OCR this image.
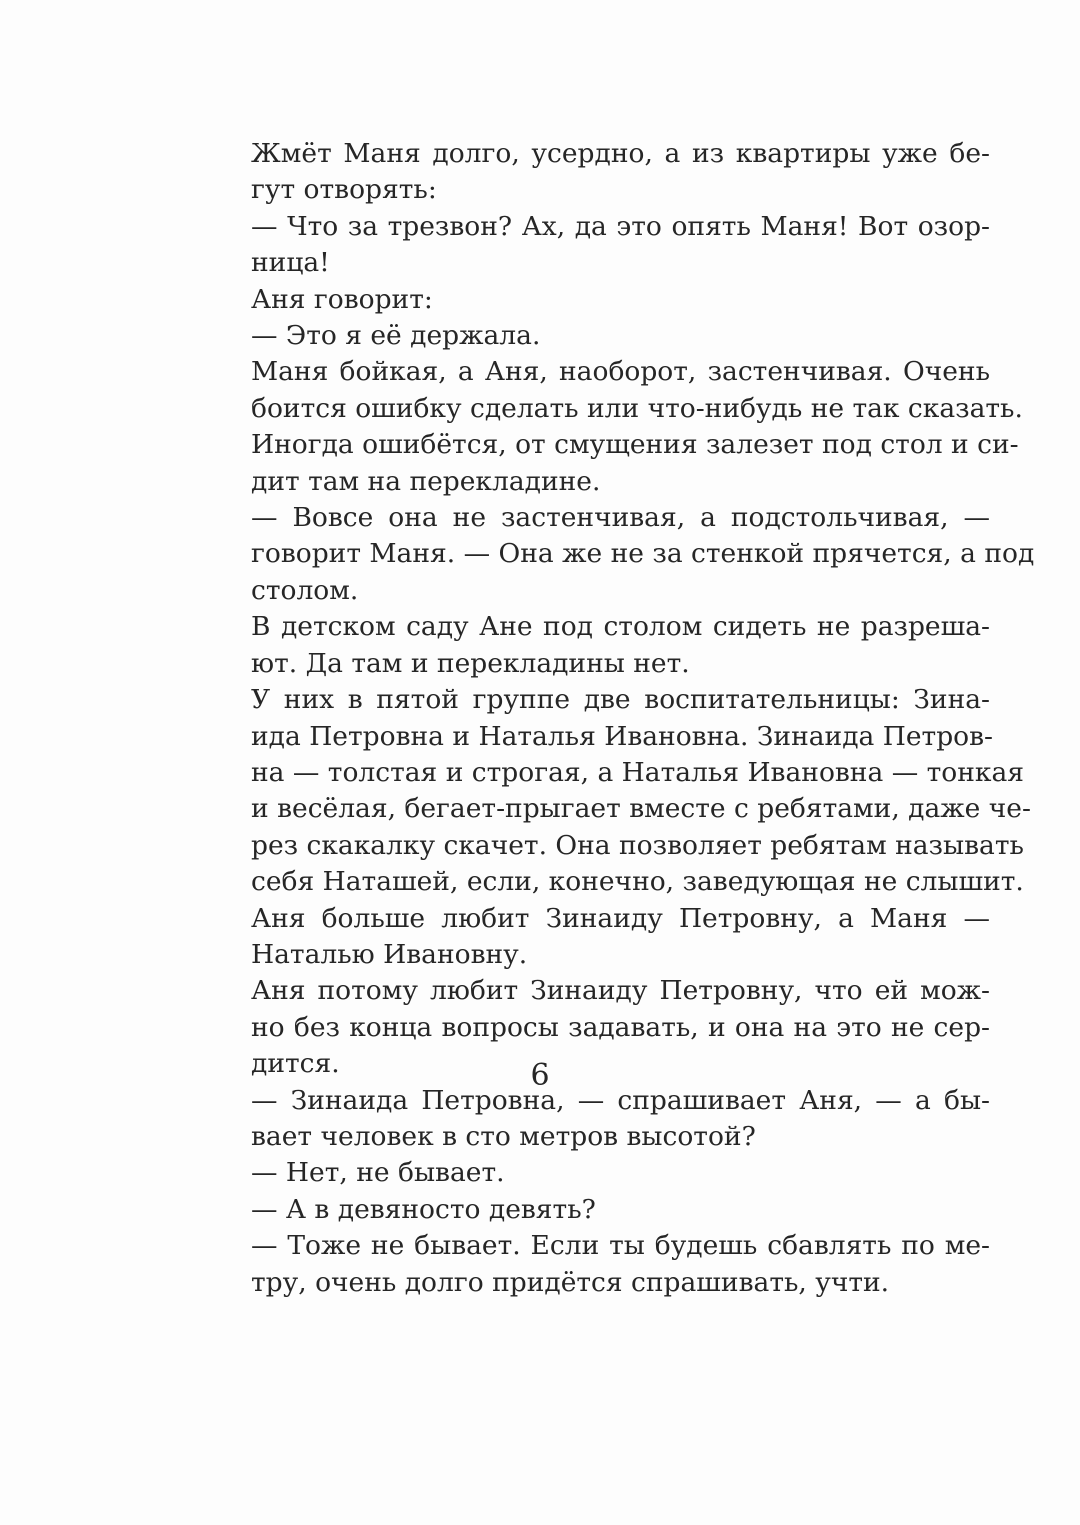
Жмёт Маня долго, усердно, а из квартиры уже бе-
гут отворять:

— Что за трезвон? Ах, да это опять Маня! Вот озор-
ница!

Аня говорит:

— Это я её держала.

Маня бойкая, а Аня, наоборот, застенчивая. Очень
боится ошибку сделать или что-нибудь не так сказать.
Иногда ошибётся, от смущения залезет под стол и си-
дит там на перекладине.

— Вовсе она не застенчивая, а подстольчивая, —
говорит Маня. — Она же не за стенкой прячется, а под
столом.

В детском саду Ане под столом сидеть не разреша-
ют. Да там и перекладины нет.

У них в пятой группе две воспитательницы: Зина-
ида Петровна и Наталья Ивановна. Зинаида Петров-
на — толстая и строгая, а Наталья Ивановна — тонкая
и весёлая, бегает-прыгает вместе с ребятами, даже че-
рез скакалку скачет. Она позволяет ребятам называть
себя Наташей, если, конечно, заведующая не слышит.

Аня больше любит Зинаиду Петровну, а Маня —
Наталью Ивановну.

Аня потому любит Зинаиду Петровну, что ей мож-
но без конца вопросы задавать, и она на это не сер-
дится.

— Зинаида Петровна, — спрашивает Аня, — а бы-
вает человек в сто метров высотой?

— Нет, не бывает.

— А в девяносто девять?

— Тоже не бывает. Если ты будешь сбавлять по ме-
тру, очень долго придётся спрашивать, учти.

6
